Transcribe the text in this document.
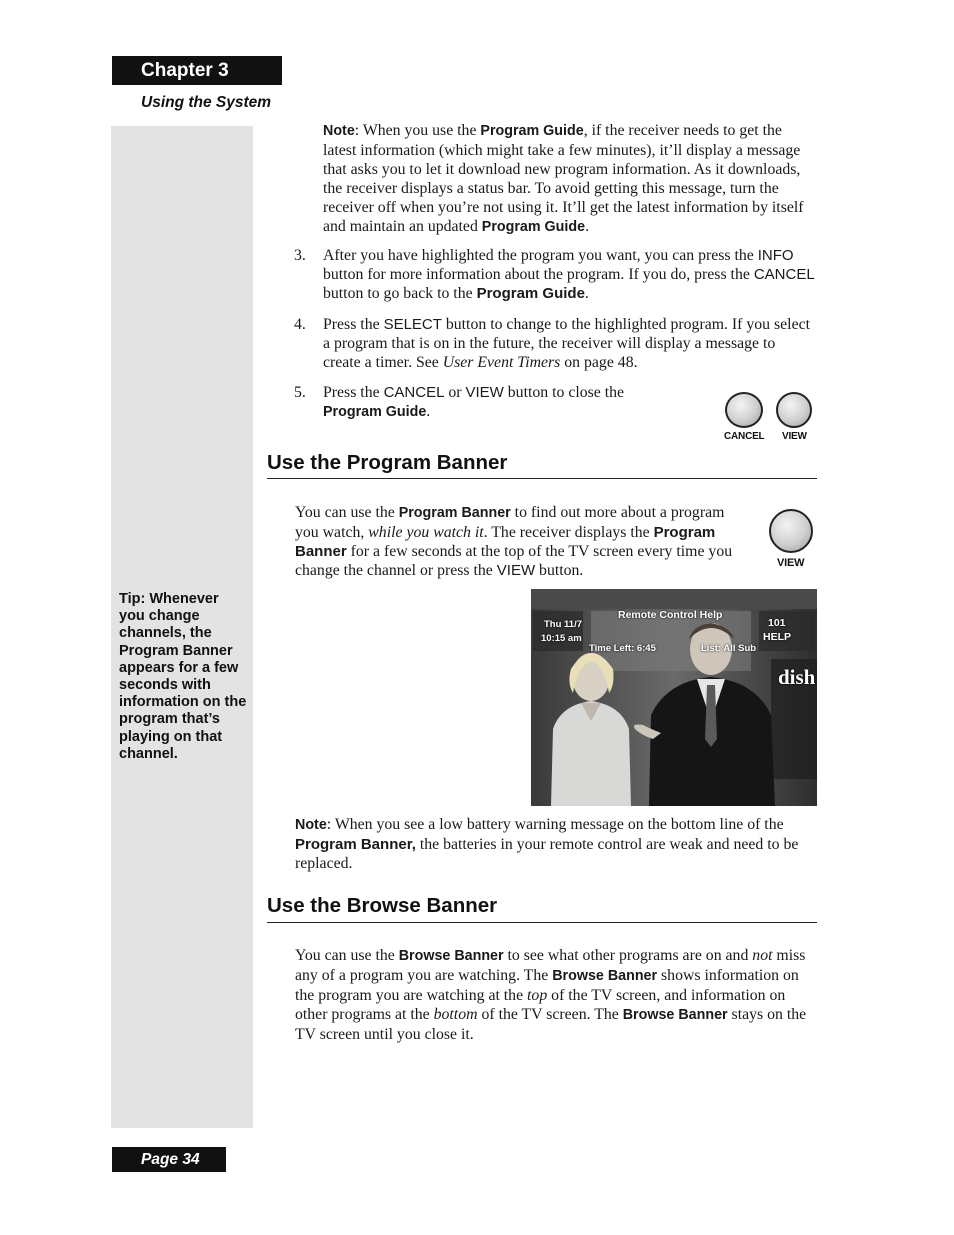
Chapter 3
Using the System
Tip: Whenever you change channels, the Program Banner appears for a few seconds with information on the program that’s playing on that channel.

Note: When you use the Program Guide, if the receiver needs to get the latest information (which might take a few minutes), it’ll display a message that asks you to let it download new program information. As it downloads, the receiver displays a status bar. To avoid getting this message, turn the receiver off when you’re not using it. It’ll get the latest information by itself and maintain an updated Program Guide.

3. After you have highlighted the program you want, you can press the INFO button for more information about the program. If you do, press the CANCEL button to go back to the Program Guide.

4. Press the SELECT button to change to the highlighted program. If you select a program that is on in the future, the receiver will display a message to create a timer. See User Event Timers on page 48.

5. Press the CANCEL or VIEW button to close the Program Guide.

CANCEL VIEW
Use the Program Banner

You can use the Program Banner to find out more about a program you watch, while you watch it. The receiver displays the Program Banner for a few seconds at the top of the TV screen every time you change the channel or press the VIEW button.	VIEW
Remote Control Help
Thu 11/7
10:15 am
Time Left: 6:45	List: All Sub
101
HELP
dish

Note: When you see a low battery warning message on the bottom line of the Program Banner, the batteries in your remote control are weak and need to be replaced.

Use the Browse Banner

You can use the Browse Banner to see what other programs are on and not miss any of a program you are watching. The Browse Banner shows information on the program you are watching at the top of the TV screen, and information on other programs at the bottom of the TV screen. The Browse Banner stays on the TV screen until you close it.

Page 34
